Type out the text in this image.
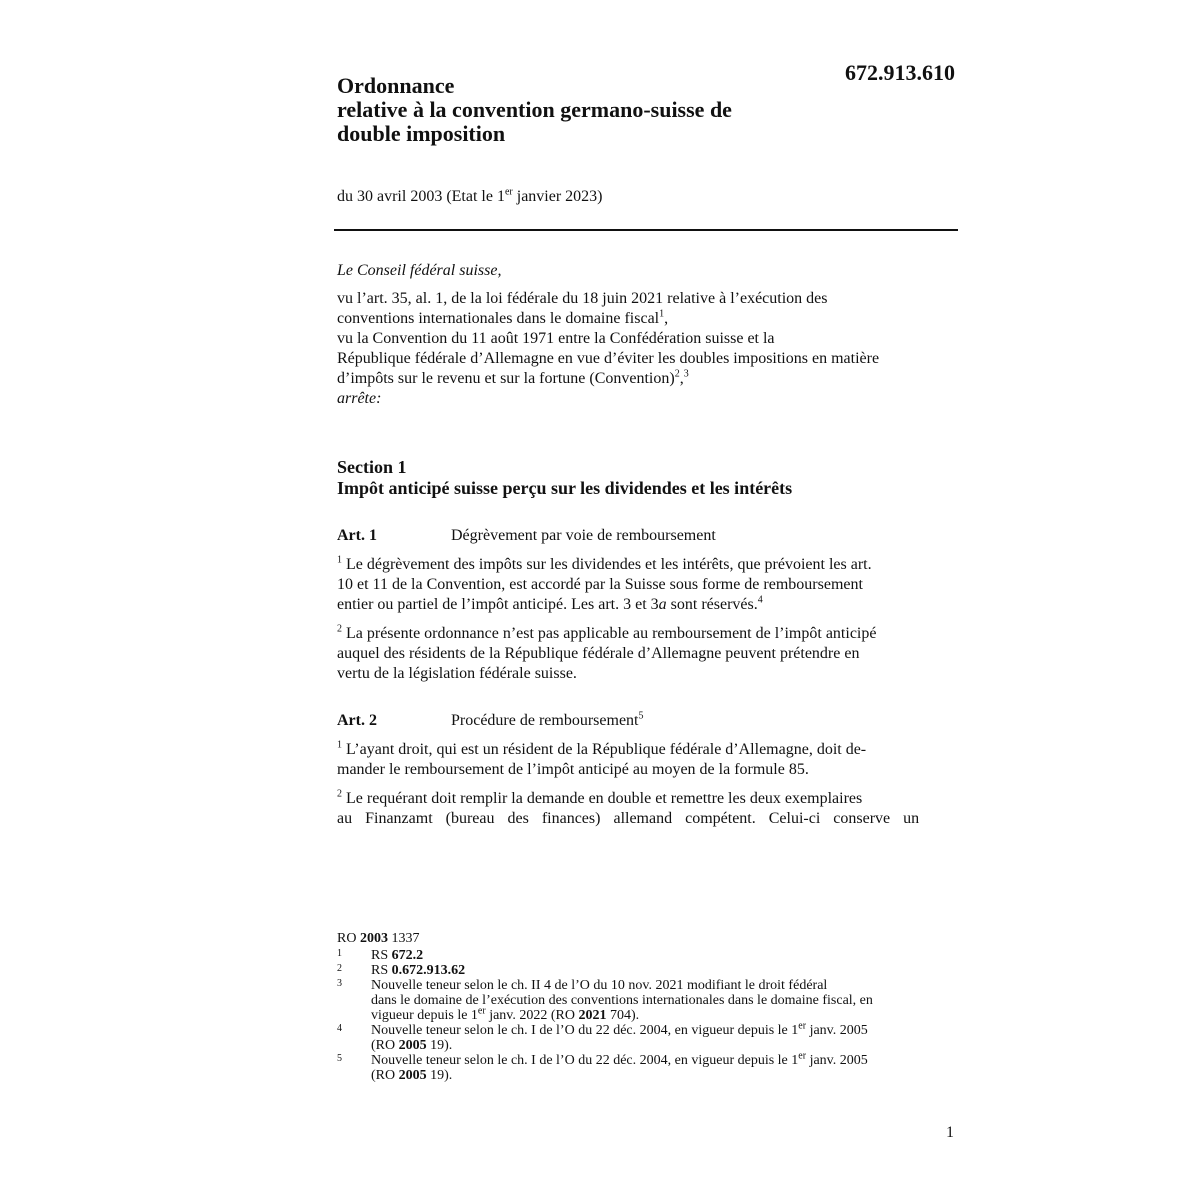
672.913.610
Ordonnance
relative à la convention germano-suisse de
double imposition
du 30 avril 2003 (Etat le 1er janvier 2023)
Le Conseil fédéral suisse,
vu l’art. 35, al. 1, de la loi fédérale du 18 juin 2021 relative à l’exécution des
conventions internationales dans le domaine fiscal$^1$,
vu la Convention du 11 août 1971 entre la Confédération suisse et la
République fédérale d’Allemagne en vue d’éviter les doubles impositions en matière
d’impôts sur le revenu et sur la fortune (Convention)$^2$,$^3$
arrête:
Section 1
Impôt anticipé suisse perçu sur les dividendes et les intérêts
Art. 1	Dégrèvement par voie de remboursement
$^1$ Le dégrèvement des impôts sur les dividendes et les intérêts, que prévoient les art.
10 et 11 de la Convention, est accordé par la Suisse sous forme de remboursement
entier ou partiel de l’impôt anticipé. Les art. 3 et 3a sont réservés.$^4$
$^2$ La présente ordonnance n’est pas applicable au remboursement de l’impôt anticipé
auquel des résidents de la République fédérale d’Allemagne peuvent prétendre en
vertu de la législation fédérale suisse.
Art. 2	Procédure de remboursement$^5$
$^1$ L’ayant droit, qui est un résident de la République fédérale d’Allemagne, doit de-
mander le remboursement de l’impôt anticipé au moyen de la formule 85.
$^2$ Le requérant doit remplir la demande en double et remettre les deux exemplaires
au Finanzamt (bureau des finances) allemand compétent. Celui-ci conserve un
RO 2003 1337
1	RS 672.2
2	RS 0.672.913.62
3	Nouvelle teneur selon le ch. II 4 de l’O du 10 nov. 2021 modifiant le droit fédéral
dans le domaine de l’exécution des conventions internationales dans le domaine fiscal, en
vigueur depuis le 1er janv. 2022 (RO 2021 704).
4	Nouvelle teneur selon le ch. I de l’O du 22 déc. 2004, en vigueur depuis le 1er janv. 2005
(RO 2005 19).
5	Nouvelle teneur selon le ch. I de l’O du 22 déc. 2004, en vigueur depuis le 1er janv. 2005
(RO 2005 19).
1
